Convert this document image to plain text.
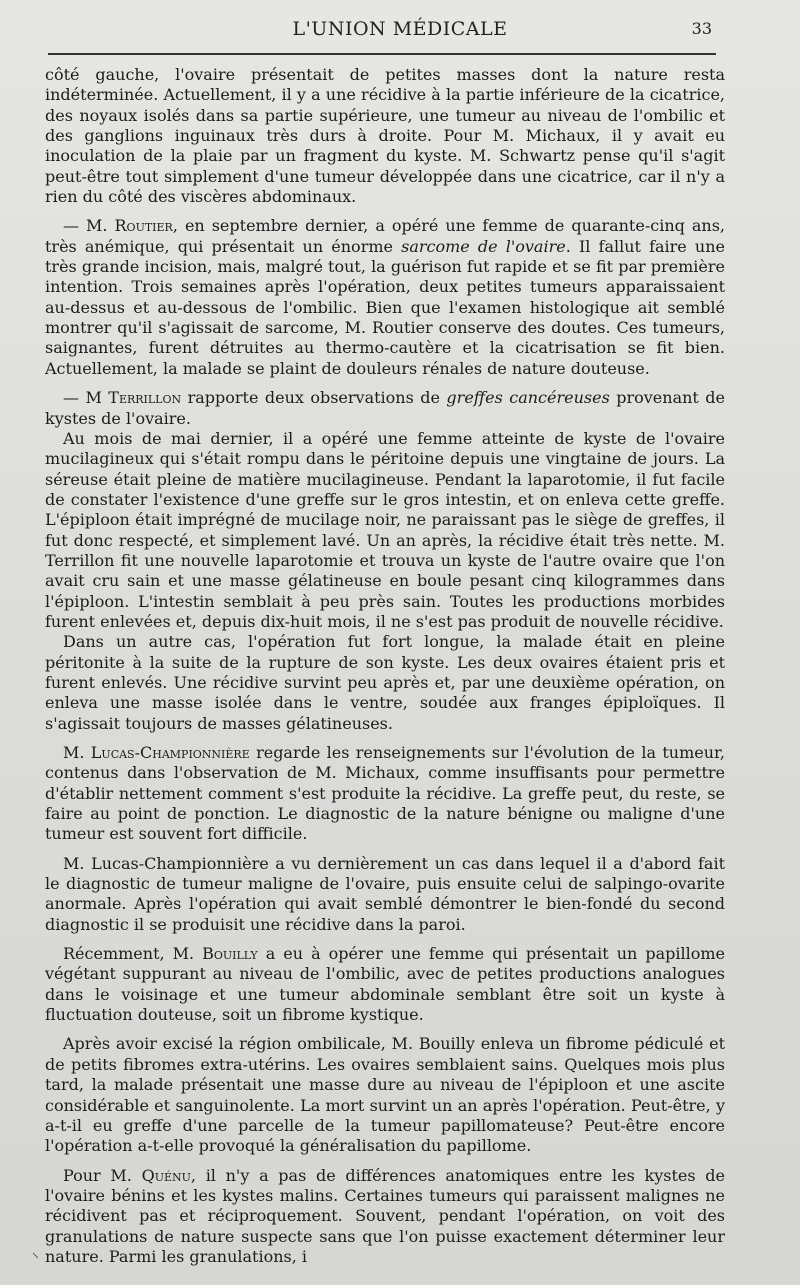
L'UNION MÉDICALE	33

côté gauche, l'ovaire présentait de petites masses dont la nature resta indéterminée. Actuellement, il y a une récidive à la partie inférieure de la cicatrice, des noyaux isolés dans sa partie supérieure, une tumeur au niveau de l'ombilic et des ganglions inguinaux très durs à droite. Pour M. Michaux, il y avait eu inoculation de la plaie par un fragment du kyste. M. Schwartz pense qu'il s'agit peut-être tout simplement d'une tumeur développée dans une cicatrice, car il n'y a rien du côté des viscères abdominaux.

— M. Routier, en septembre dernier, a opéré une femme de quarante-cinq ans, très anémique, qui présentait un énorme sarcome de l'ovaire. Il fallut faire une très grande incision, mais, malgré tout, la guérison fut rapide et se fit par première intention. Trois semaines après l'opération, deux petites tumeurs apparaissaient au-dessus et au-dessous de l'ombilic. Bien que l'examen histologique ait semblé montrer qu'il s'agissait de sarcome, M. Routier conserve des doutes. Ces tumeurs, saignantes, furent détruites au thermo-cautère et la cicatrisation se fit bien. Actuellement, la malade se plaint de douleurs rénales de nature douteuse.

— M Terrillon rapporte deux observations de greffes cancéreuses provenant de kystes de l'ovaire.

Au mois de mai dernier, il a opéré une femme atteinte de kyste de l'ovaire mucilagineux qui s'était rompu dans le péritoine depuis une vingtaine de jours. La séreuse était pleine de matière mucilagineuse. Pendant la laparotomie, il fut facile de constater l'existence d'une greffe sur le gros intestin, et on enleva cette greffe. L'épiploon était imprégné de mucilage noir, ne paraissant pas le siège de greffes, il fut donc respecté, et simplement lavé. Un an après, la récidive était très nette. M. Terrillon fit une nouvelle laparotomie et trouva un kyste de l'autre ovaire que l'on avait cru sain et une masse gélatineuse en boule pesant cinq kilogrammes dans l'épiploon. L'intestin semblait à peu près sain. Toutes les productions morbides furent enlevées et, depuis dix-huit mois, il ne s'est pas produit de nouvelle récidive.

Dans un autre cas, l'opération fut fort longue, la malade était en pleine péritonite à la suite de la rupture de son kyste. Les deux ovaires étaient pris et furent enlevés. Une récidive survint peu après et, par une deuxième opération, on enleva une masse isolée dans le ventre, soudée aux franges épiploïques. Il s'agissait toujours de masses gélatineuses.

M. Lucas-Championnière regarde les renseignements sur l'évolution de la tumeur, contenus dans l'observation de M. Michaux, comme insuffisants pour permettre d'établir nettement comment s'est produite la récidive. La greffe peut, du reste, se faire au point de ponction. Le diagnostic de la nature bénigne ou maligne d'une tumeur est souvent fort difficile.

M. Lucas-Championnière a vu dernièrement un cas dans lequel il a d'abord fait le diagnostic de tumeur maligne de l'ovaire, puis ensuite celui de salpingo-ovarite anormale. Après l'opération qui avait semblé démontrer le bien-fondé du second diagnostic il se produisit une récidive dans la paroi.

Récemment, M. Bouilly a eu à opérer une femme qui présentait un papillome végétant suppurant au niveau de l'ombilic, avec de petites productions analogues dans le voisinage et une tumeur abdominale semblant être soit un kyste à fluctuation douteuse, soit un fibrome kystique.

Après avoir excisé la région ombilicale, M. Bouilly enleva un fibrome pédiculé et de petits fibromes extra-utérins. Les ovaires semblaient sains. Quelques mois plus tard, la malade présentait une masse dure au niveau de l'épiploon et une ascite considérable et sanguinolente. La mort survint un an après l'opération. Peut-être, y a-t-il eu greffe d'une parcelle de la tumeur papillomateuse? Peut-être encore l'opération a-t-elle provoqué la généralisation du papillome.

Pour M. Quénu, il n'y a pas de différences anatomiques entre les kystes de l'ovaire bénins et les kystes malins. Certaines tumeurs qui paraissent malignes ne récidivent pas et réciproquement. Souvent, pendant l'opération, on voit des granulations de nature suspecte sans que l'on puisse exactement déterminer leur nature. Parmi les granulations, i

⸜
